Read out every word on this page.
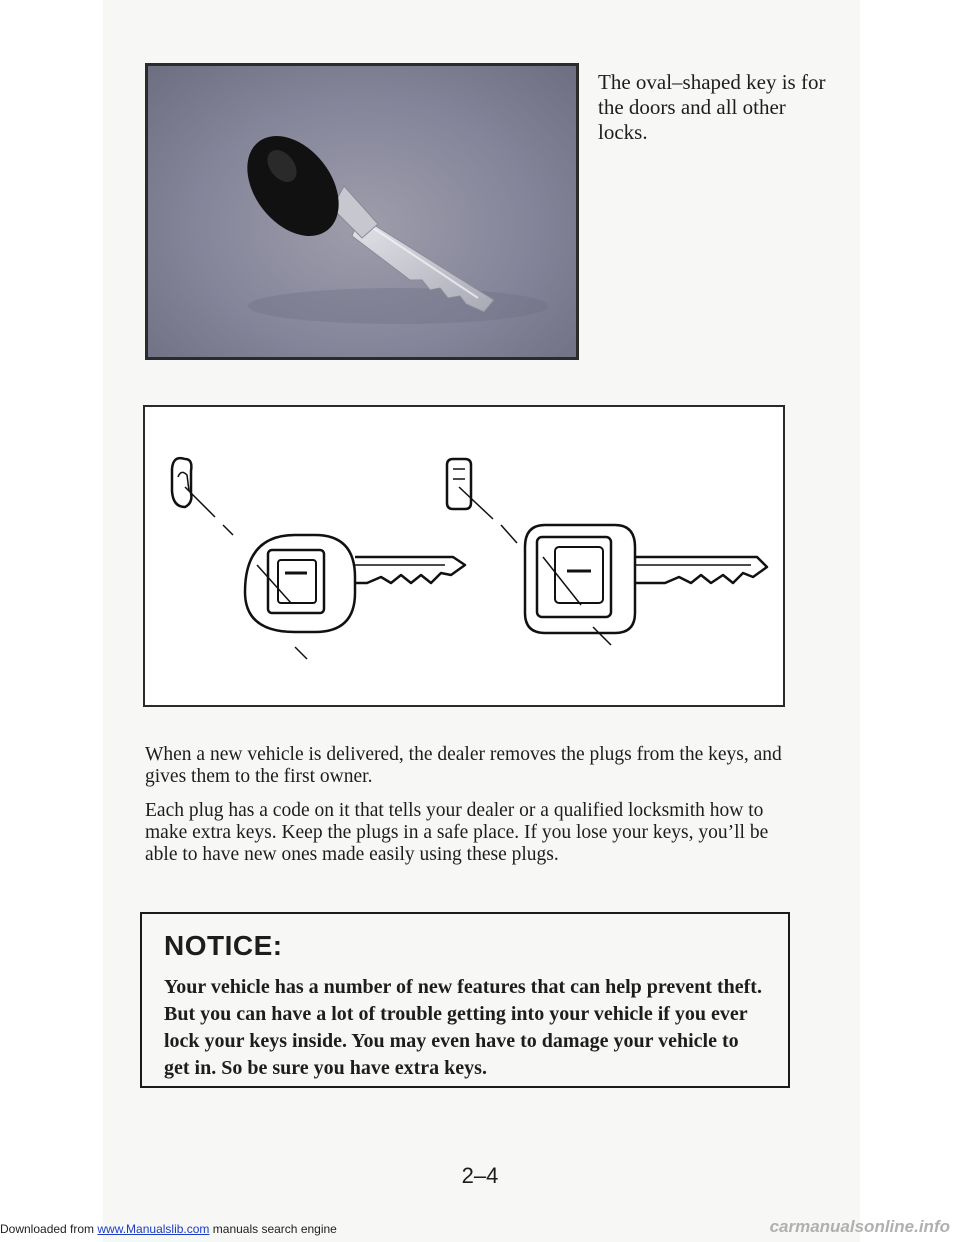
The oval–shaped key is for the doors and all other locks.

When a new vehicle is delivered, the dealer removes the plugs from the keys, and gives them to the first owner.

Each plug has a code on it that tells your dealer or a qualified locksmith how to make extra keys. Keep the plugs in a safe place. If you lose your keys, you’ll be able to have new ones made easily using these plugs.

NOTICE:

Your vehicle has a number of new features that can help prevent theft. But you can have a lot of trouble getting into your vehicle if you ever lock your keys inside. You may even have to damage your vehicle to get in. So be sure you have extra keys.

2–4
Downloaded from www.Manualslib.com manuals search engine	carmanualsonline.info
